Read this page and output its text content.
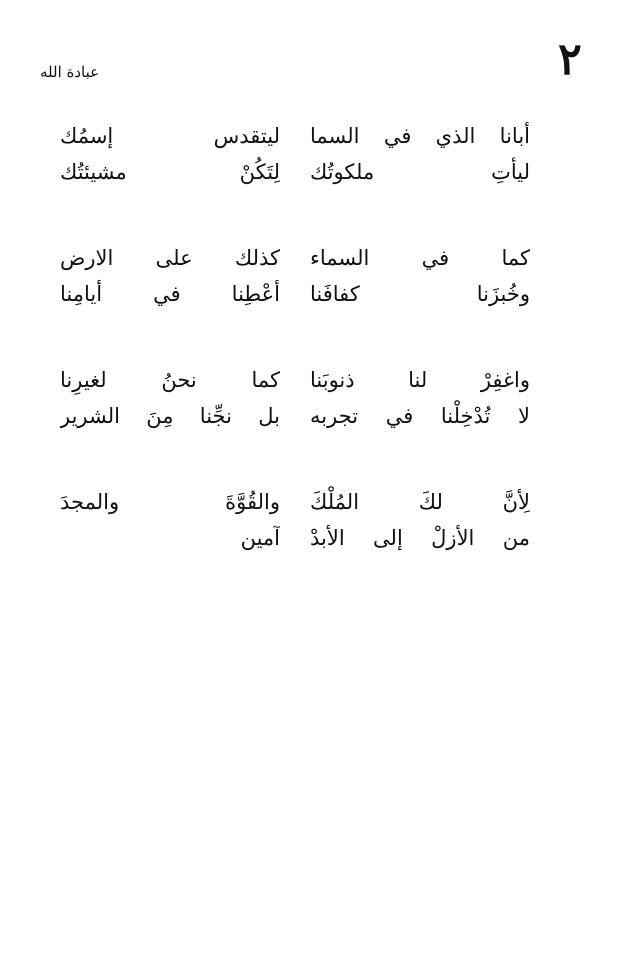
٢
عبادة الله
أبانا الذي في السما
ليتقدس إسمُك
ليأتِ ملكوتُك
لِتَكُنْ مشيئتُك
كما في السماء
كذلك على الارض
وخُبزَنا كفافَنا
أعْطِنا في أيامِنا
واغفِرْ لنا ذنوبَنا
كما نحنُ لغيرِنا
لا تُدْخِلْنا في تجربه
بل نجِّنا مِنَ الشرير
لِأنَّ لكَ المُلْكَ
والقُوَّةَ والمجدَ
من الأزلْ إلى الأبدْ
آمين
